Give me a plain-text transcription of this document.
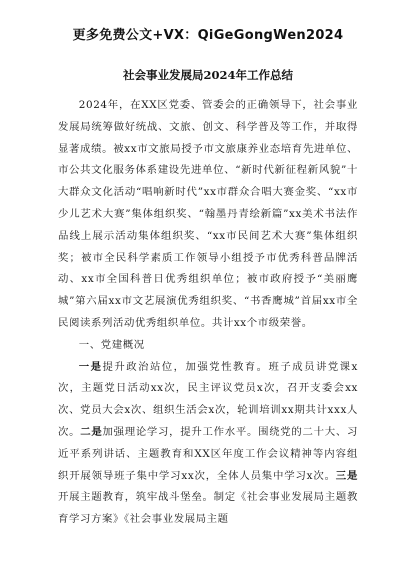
更多免费公文+VX：QiGeGongWen2024
社会事业发展局2024年工作总结

2024年，在XX区党委、管委会的正确领导下，社会事业发展局统筹做好统战、文旅、创文、科学普及等工作，并取得显著成绩。被xx市文旅局授予市文旅康养业态培育先进单位、市公共文化服务体系建设先进单位、“新时代新征程新风貌”十大群众文化活动“唱响新时代”xx市群众合唱大赛金奖、“xx市少儿艺术大赛”集体组织奖、“翰墨丹青绘新篇”xx美术书法作品线上展示活动集体组织奖、“xx市民间艺术大赛”集体组织奖；被市全民科学素质工作领导小组授予市优秀科普品牌活动、xx市全国科普日优秀组织单位；被市政府授予“美丽鹰城”第六届xx市文艺展演优秀组织奖、“书香鹰城”首届xx市全民阅读系列活动优秀组织单位。共计xx个市级荣誉。

一、党建概况

一是提升政治站位，加强党性教育。班子成员讲党课x次，主题党日活动xx次，民主评议党员x次，召开支委会xx次、党员大会x次、组织生活会x次，轮训培训xx期共计xxx人次。二是加强理论学习，提升工作水平。围绕党的二十大、习近平系列讲话、主题教育和XX区年度工作会议精神等内容组织开展领导班子集中学习xx次，全体人员集中学习x次。三是开展主题教育，筑牢战斗堡垒。制定《社会事业发展局主题教育学习方案》《社会事业发展局主题
